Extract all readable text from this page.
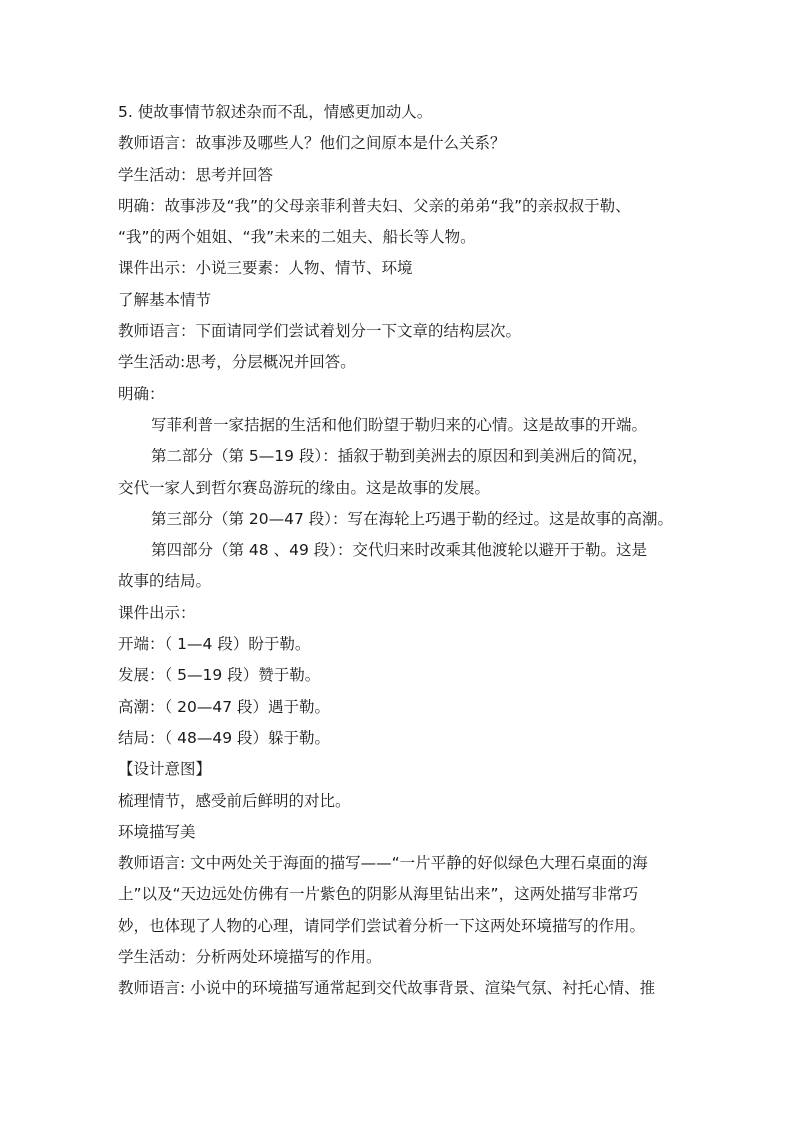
5. 使故事情节叙述杂而不乱，情感更加动人。
教师语言：故事涉及哪些人？他们之间原本是什么关系？
学生活动：思考并回答
明确：故事涉及“我”的父母亲菲利普夫妇、父亲的弟弟“我”的亲叔叔于勒、
“我”的两个姐姐、“我”未来的二姐夫、船长等人物。
课件出示：小说三要素：人物、情节、环境
了解基本情节
教师语言：下面请同学们尝试着划分一下文章的结构层次。
学生活动:思考，分层概况并回答。
明确：
写菲利普一家拮据的生活和他们盼望于勒归来的心情。这是故事的开端。
第二部分（第 5—19 段）：插叙于勒到美洲去的原因和到美洲后的简况，
交代一家人到哲尔赛岛游玩的缘由。这是故事的发展。
第三部分（第 20—47 段）：写在海轮上巧遇于勒的经过。这是故事的高潮。
第四部分（第 48 、49 段）：交代归来时改乘其他渡轮以避开于勒。这是
故事的结局。
课件出示：
开端：（ 1—4 段）盼于勒。
发展：（ 5—19 段）赞于勒。
高潮：（ 20—47 段）遇于勒。
结局：（ 48—49 段）躲于勒。
【设计意图】
梳理情节，感受前后鲜明的对比。
环境描写美
教师语言: 文中两处关于海面的描写——“一片平静的好似绿色大理石桌面的海
上”以及“天边远处仿佛有一片紫色的阴影从海里钻出来”，这两处描写非常巧
妙，也体现了人物的心理，请同学们尝试着分析一下这两处环境描写的作用。
学生活动：分析两处环境描写的作用。
教师语言: 小说中的环境描写通常起到交代故事背景、渲染气氛、衬托心情、推
